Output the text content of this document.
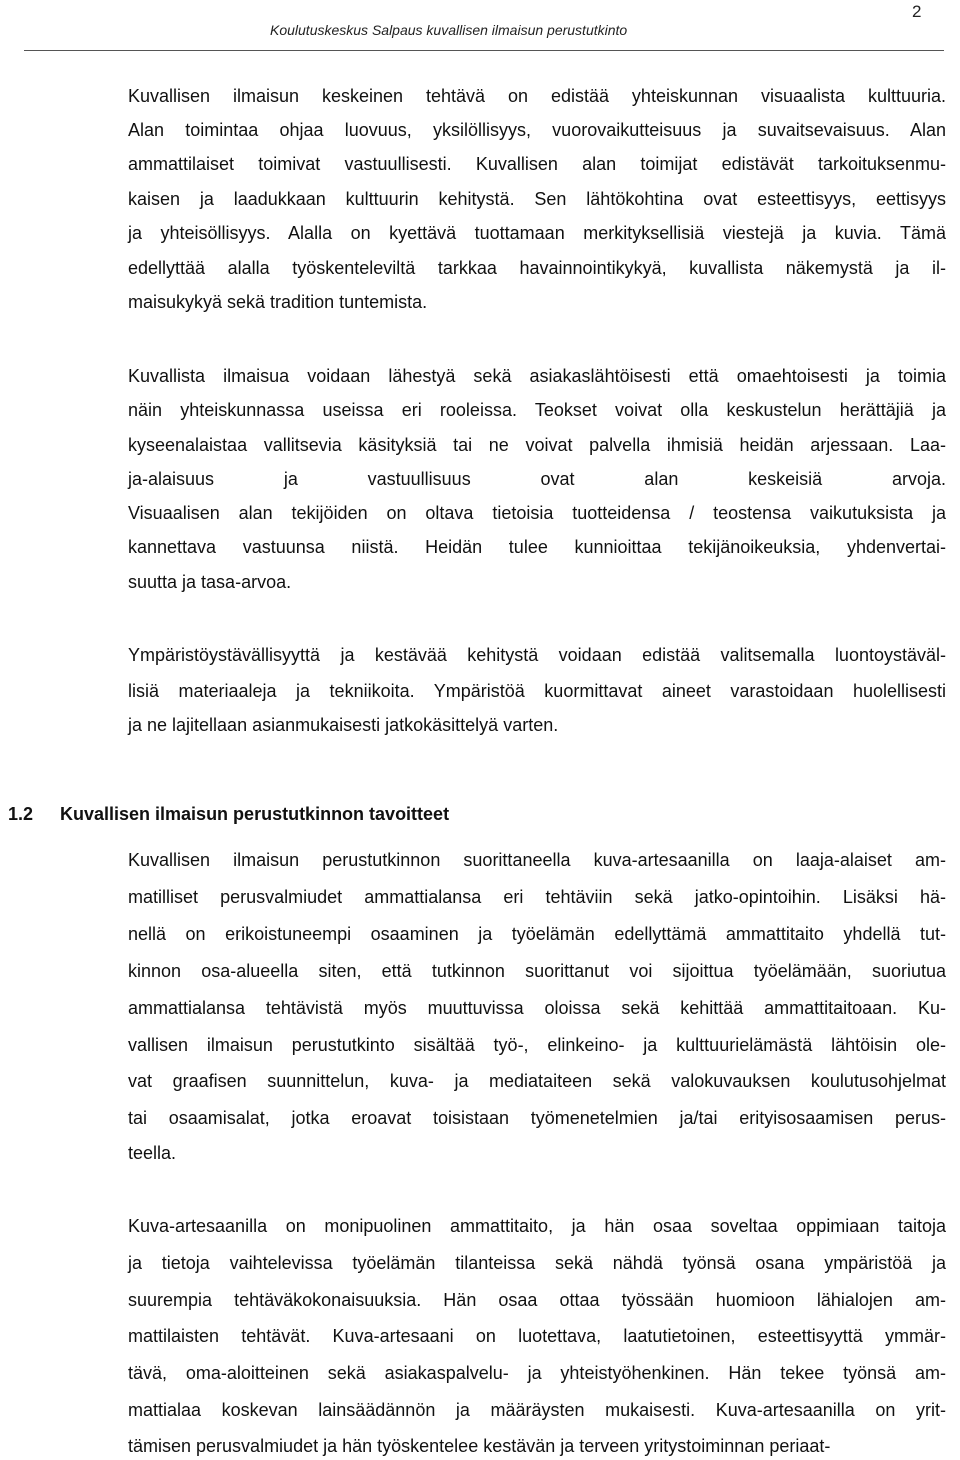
Koulutuskeskus Salpaus kuvallisen ilmaisun perustutkinto
2
Kuvallisen ilmaisun keskeinen tehtävä on edistää yhteiskunnan visuaalista kulttuuria.
Alan toimintaa ohjaa luovuus, yksilöllisyys, vuorovaikutteisuus ja suvaitsevaisuus. Alan
ammattilaiset toimivat vastuullisesti. Kuvallisen alan toimijat edistävät tarkoituksenmu-
kaisen ja laadukkaan kulttuurin kehitystä. Sen lähtökohtina ovat esteettisyys, eettisyys
ja yhteisöllisyys. Alalla on kyettävä tuottamaan merkityksellisiä viestejä ja kuvia. Tämä
edellyttää alalla työskenteleviltä tarkkaa havainnointikykyä, kuvallista näkemystä ja il-
maisukykyä sekä tradition tuntemista.
Kuvallista ilmaisua voidaan lähestyä sekä asiakaslähtöisesti että omaehtoisesti ja toimia
näin yhteiskunnassa useissa eri rooleissa. Teokset voivat olla keskustelun herättäjiä ja
kyseenalaistaa vallitsevia käsityksiä tai ne voivat palvella ihmisiä heidän arjessaan. Laa-
ja-alaisuus ja vastuullisuus ovat alan keskeisiä arvoja.
Visuaalisen alan tekijöiden on oltava tietoisia tuotteidensa / teostensa vaikutuksista ja
kannettava vastuunsa niistä. Heidän tulee kunnioittaa tekijänoikeuksia, yhdenvertai-
suutta ja tasa-arvoa.
Ympäristöystävällisyyttä ja kestävää kehitystä voidaan edistää valitsemalla luontoystäväl-
lisiä materiaaleja ja tekniikoita. Ympäristöä kuormittavat aineet varastoidaan huolellisesti
ja ne lajitellaan asianmukaisesti jatkokäsittelyä varten.
1.2 Kuvallisen ilmaisun perustutkinnon tavoitteet
Kuvallisen ilmaisun perustutkinnon suorittaneella kuva-artesaanilla on laaja-alaiset am-
matilliset perusvalmiudet ammattialansa eri tehtäviin sekä jatko-opintoihin. Lisäksi hä-
nellä on erikoistuneempi osaaminen ja työelämän edellyttämä ammattitaito yhdellä tut-
kinnon osa-alueella siten, että tutkinnon suorittanut voi sijoittua työelämään, suoriutua
ammattialansa tehtävistä myös muuttuvissa oloissa sekä kehittää ammattitaitoaan. Ku-
vallisen ilmaisun perustutkinto sisältää työ-, elinkeino- ja kulttuurielämästä lähtöisin ole-
vat graafisen suunnittelun, kuva- ja mediataiteen sekä valokuvauksen koulutusohjelmat
tai osaamisalat, jotka eroavat toisistaan työmenetelmien ja/tai erityisosaamisen perus-
teella.
Kuva-artesaanilla on monipuolinen ammattitaito, ja hän osaa soveltaa oppimiaan taitoja
ja tietoja vaihtelevissa työelämän tilanteissa sekä nähdä työnsä osana ympäristöä ja
suurempia tehtäväkokonaisuuksia. Hän osaa ottaa työssään huomioon lähialojen am-
mattilaisten tehtävät. Kuva-artesaani on luotettava, laatutietoinen, esteettisyyttä ymmär-
tävä, oma-aloitteinen sekä asiakaspalvelu- ja yhteistyöhenkinen. Hän tekee työnsä am-
mattialaa koskevan lainsäädännön ja määräysten mukaisesti. Kuva-artesaanilla on yrit-
tämisen perusvalmiudet ja hän työskentelee kestävän ja terveen yritystoiminnan periaat-
